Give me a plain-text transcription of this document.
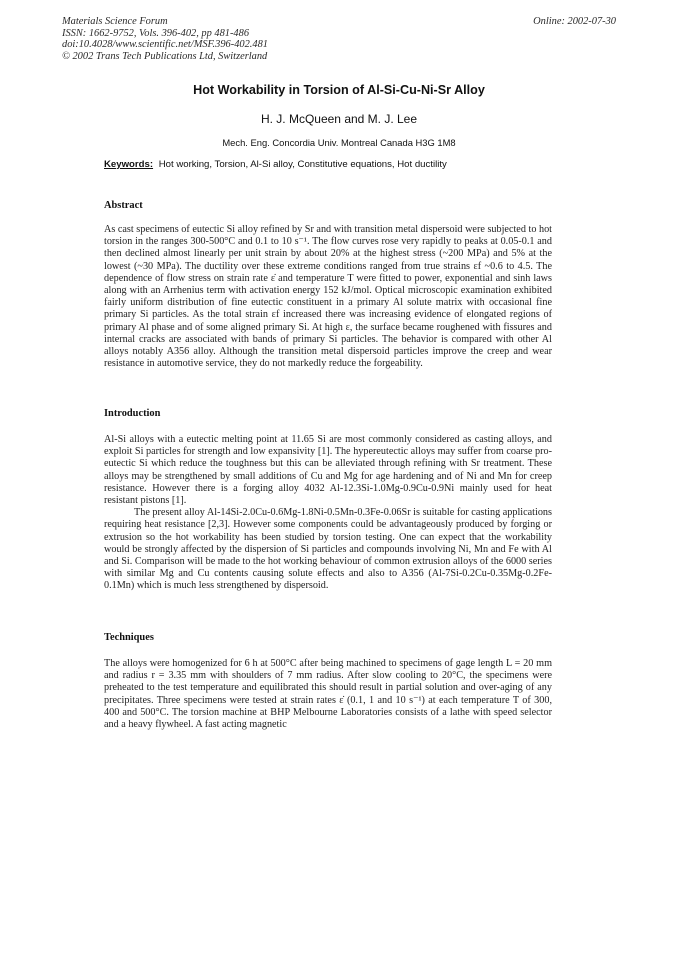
Materials Science Forum
ISSN: 1662-9752, Vols. 396-402, pp 481-486
doi:10.4028/www.scientific.net/MSF.396-402.481
© 2002 Trans Tech Publications Ltd, Switzerland
Online: 2002-07-30
Hot Workability in Torsion of Al-Si-Cu-Ni-Sr Alloy
H. J. McQueen and M. J. Lee
Mech. Eng. Concordia Univ. Montreal Canada H3G 1M8
Keywords: Hot working, Torsion, Al-Si alloy, Constitutive equations, Hot ductility
Abstract

As cast specimens of eutectic Si alloy refined by Sr and with transition metal dispersoid were subjected to hot torsion in the ranges 300-500°C and 0.1 to 10 s⁻¹. The flow curves rose very rapidly to peaks at 0.05-0.1 and then declined almost linearly per unit strain by about 20% at the highest stress (~200 MPa) and 5% at the lowest (~30 MPa). The ductility over these extreme conditions ranged from true strains εf ~0.6 to 4.5. The dependence of flow stress on strain rate ε̇ and temperature T were fitted to power, exponential and sinh laws along with an Arrhenius term with activation energy 152 kJ/mol. Optical microscopic examination exhibited fairly uniform distribution of fine eutectic constituent in a primary Al solute matrix with occasional fine primary Si particles. As the total strain εf increased there was increasing evidence of elongated regions of primary Al phase and of some aligned primary Si. At high ε, the surface became roughened with fissures and internal cracks are associated with bands of primary Si particles. The behavior is compared with other Al alloys notably A356 alloy. Although the transition metal dispersoid particles improve the creep and wear resistance in automotive service, they do not markedly reduce the forgeability.

Introduction

Al-Si alloys with a eutectic melting point at 11.65 Si are most commonly considered as casting alloys, and exploit Si particles for strength and low expansivity [1]. The hypereutectic alloys may suffer from coarse pro-eutectic Si which reduce the toughness but this can be alleviated through refining with Sr treatment. These alloys may be strengthened by small additions of Cu and Mg for age hardening and of Ni and Mn for creep resistance. However there is a forging alloy 4032 Al-12.3Si-1.0Mg-0.9Cu-0.9Ni mainly used for heat resistant pistons [1].

The present alloy Al-14Si-2.0Cu-0.6Mg-1.8Ni-0.5Mn-0.3Fe-0.06Sr is suitable for casting applications requiring heat resistance [2,3]. However some components could be advantageously produced by forging or extrusion so the hot workability has been studied by torsion testing. One can expect that the workability would be strongly affected by the dispersion of Si particles and compounds involving Ni, Mn and Fe with Al and Si. Comparison will be made to the hot working behaviour of common extrusion alloys of the 6000 series with similar Mg and Cu contents causing solute effects and also to A356 (Al-7Si-0.2Cu-0.35Mg-0.2Fe-0.1Mn) which is much less strengthened by dispersoid.

Techniques

The alloys were homogenized for 6 h at 500°C after being machined to specimens of gage length L = 20 mm and radius r = 3.35 mm with shoulders of 7 mm radius. After slow cooling to 20°C, the specimens were preheated to the test temperature and equilibrated this should result in partial solution and over-aging of any precipitates. Three specimens were tested at strain rates ε̇ (0.1, 1 and 10 s⁻¹) at each temperature T of 300, 400 and 500°C. The torsion machine at BHP Melbourne Laboratories consists of a lathe with speed selector and a heavy flywheel. A fast acting magnetic
